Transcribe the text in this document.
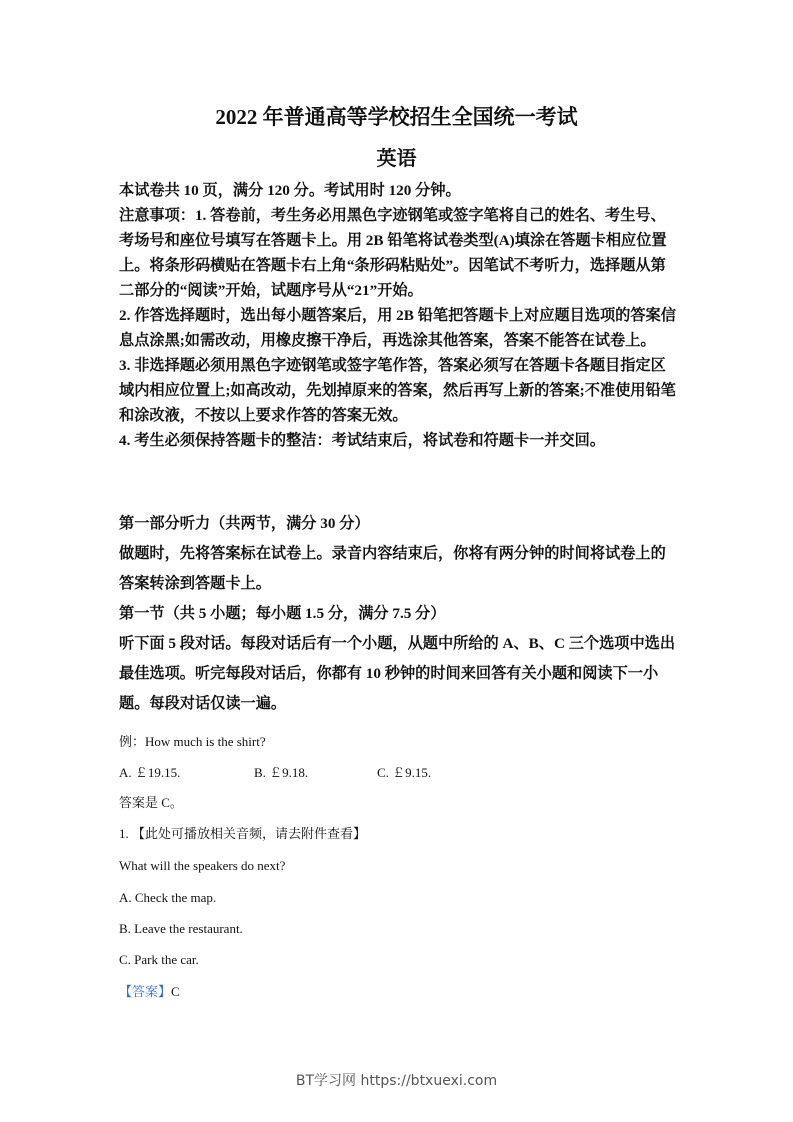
2022 年普通高等学校招生全国统一考试
英语

本试卷共 10 页，满分 120 分。考试用时 120 分钟。

注意事项：1. 答卷前，考生务必用黑色字迹钢笔或签字笔将自己的姓名、考生号、考场号和座位号填写在答题卡上。用 2B 铅笔将试卷类型(A)填涂在答题卡相应位置上。将条形码横贴在答题卡右上角“条形码粘贴处”。因笔试不考听力，选择题从第二部分的“阅读”开始，试题序号从“21”开始。

2. 作答选择题时，选出每小题答案后，用 2B 铅笔把答题卡上对应题目选项的答案信息点涂黑;如需改动，用橡皮擦干净后，再选涂其他答案，答案不能答在试卷上。

3. 非选择题必须用黑色字迹钢笔或签字笔作答，答案必须写在答题卡各题目指定区域内相应位置上;如高改动，先划掉原来的答案，然后再写上新的答案;不准使用铅笔和涂改液，不按以上要求作答的答案无效。

4. 考生必须保持答题卡的整洁：考试结束后，将试卷和符题卡一并交回。

第一部分听力（共两节，满分 30 分）

做题时，先将答案标在试卷上。录音内容结束后，你将有两分钟的时间将试卷上的答案转涂到答题卡上。

第一节（共 5 小题；每小题 1.5 分，满分 7.5 分）

听下面 5 段对话。每段对话后有一个小题，从题中所给的 A、B、C 三个选项中选出最佳选项。听完每段对话后，你都有 10 秒钟的时间来回答有关小题和阅读下一小题。每段对话仅读一遍。

例：How much is the shirt?
A. ￡19.15.	B. ￡9.18.	C. ￡9.15.
答案是 C。
1. 【此处可播放相关音频，请去附件查看】
What will the speakers do next?
A. Check the map.
B. Leave the restaurant.
C. Park the car.
【答案】C
BT学习网 https://btxuexi.com
